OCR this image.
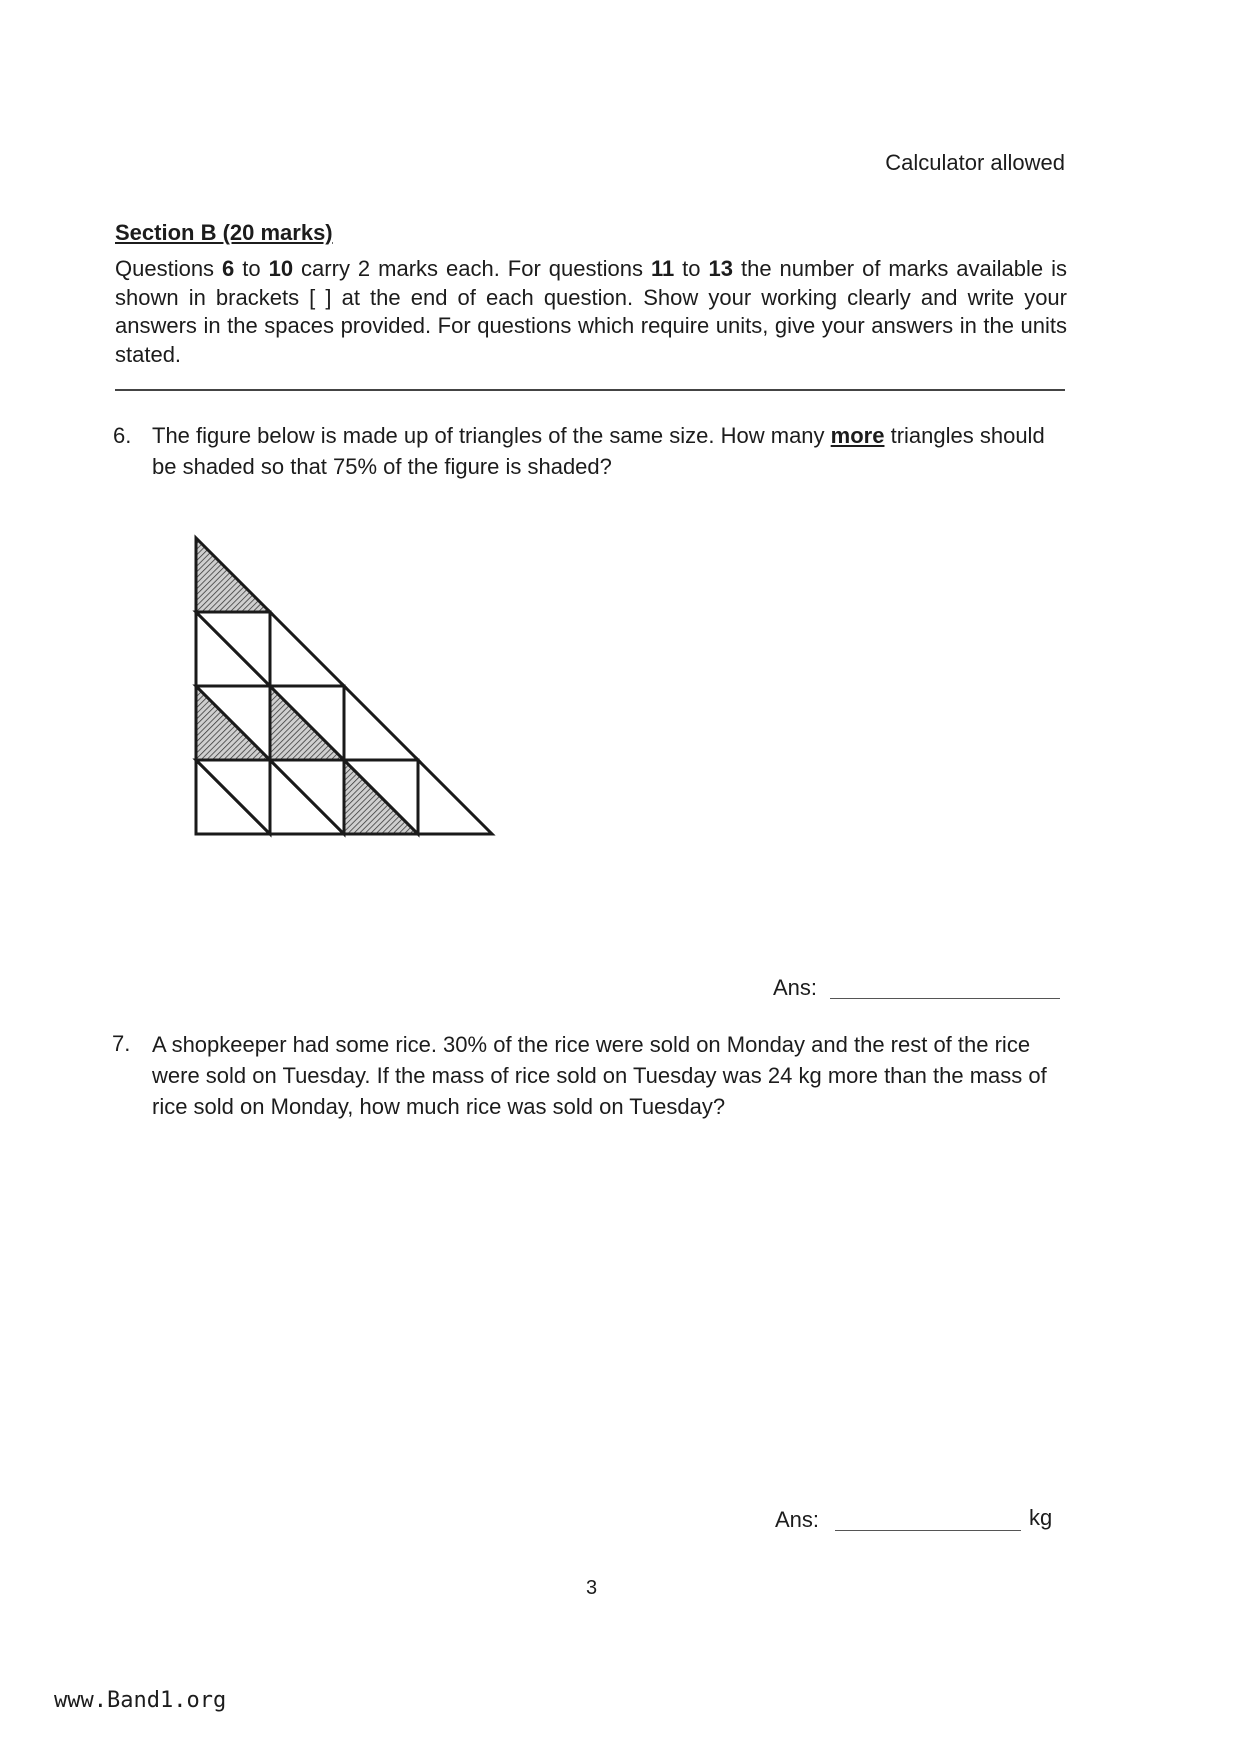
Calculator allowed
Section B (20 marks)
Questions 6 to 10 carry 2 marks each. For questions 11 to 13 the number of marks available is shown in brackets [ ] at the end of each question. Show your working clearly and write your answers in the spaces provided. For questions which require units, give your answers in the units stated.
6. The figure below is made up of triangles of the same size. How many more triangles should be shaded so that 75% of the figure is shaded?
Ans:
7. A shopkeeper had some rice. 30% of the rice were sold on Monday and the rest of the rice were sold on Tuesday. If the mass of rice sold on Tuesday was 24 kg more than the mass of rice sold on Monday, how much rice was sold on Tuesday?
Ans:	kg
3
www.Band1.org
